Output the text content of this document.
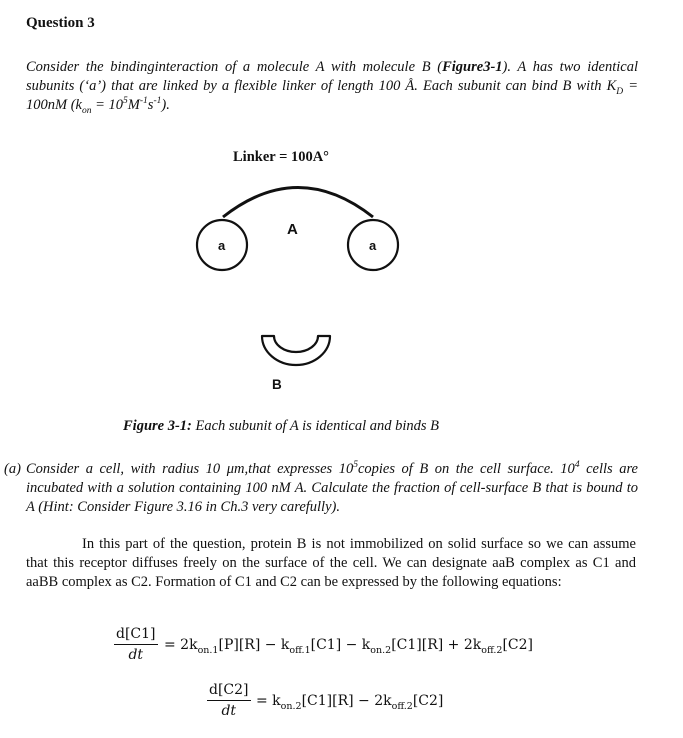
Question 3
Consider the bindinginteraction of a molecule A with molecule B (Figure3-1). A has two identical subunits (‘a’) that are linked by a flexible linker of length 100 Å. Each subunit can bind B with $K_D = 100nM$ $(k_{on} = 10^5M^{-1}s^{-1})$.
Linker = 100A°
A
a	a
B
Figure 3-1: Each subunit of A is identical and binds B
(a) Consider a cell, with radius 10 μm,that expresses $10^5copies$ of B on the cell surface. $10^4$ cells are incubated with a solution containing 100 nM A. Calculate the fraction of cell-surface B that is bound to A (Hint: Consider Figure 3.16 in Ch.3 very carefully).
In this part of the question, protein B is not immobilized on solid surface so we can assume that this receptor diffuses freely on the surface of the cell. We can designate aaB complex as C1 and aaBB complex as C2. Formation of C1 and C2 can be expressed by the following equations:
$\frac{d[C1]}{dt} = 2k_{on.1}[P][R] - k_{off.1}[C1] - k_{on.2}[C1][R] + 2k_{off.2}[C2]$
$\frac{d[C2]}{dt} = k_{on.2}[C1][R] - 2k_{off.2}[C2]$
